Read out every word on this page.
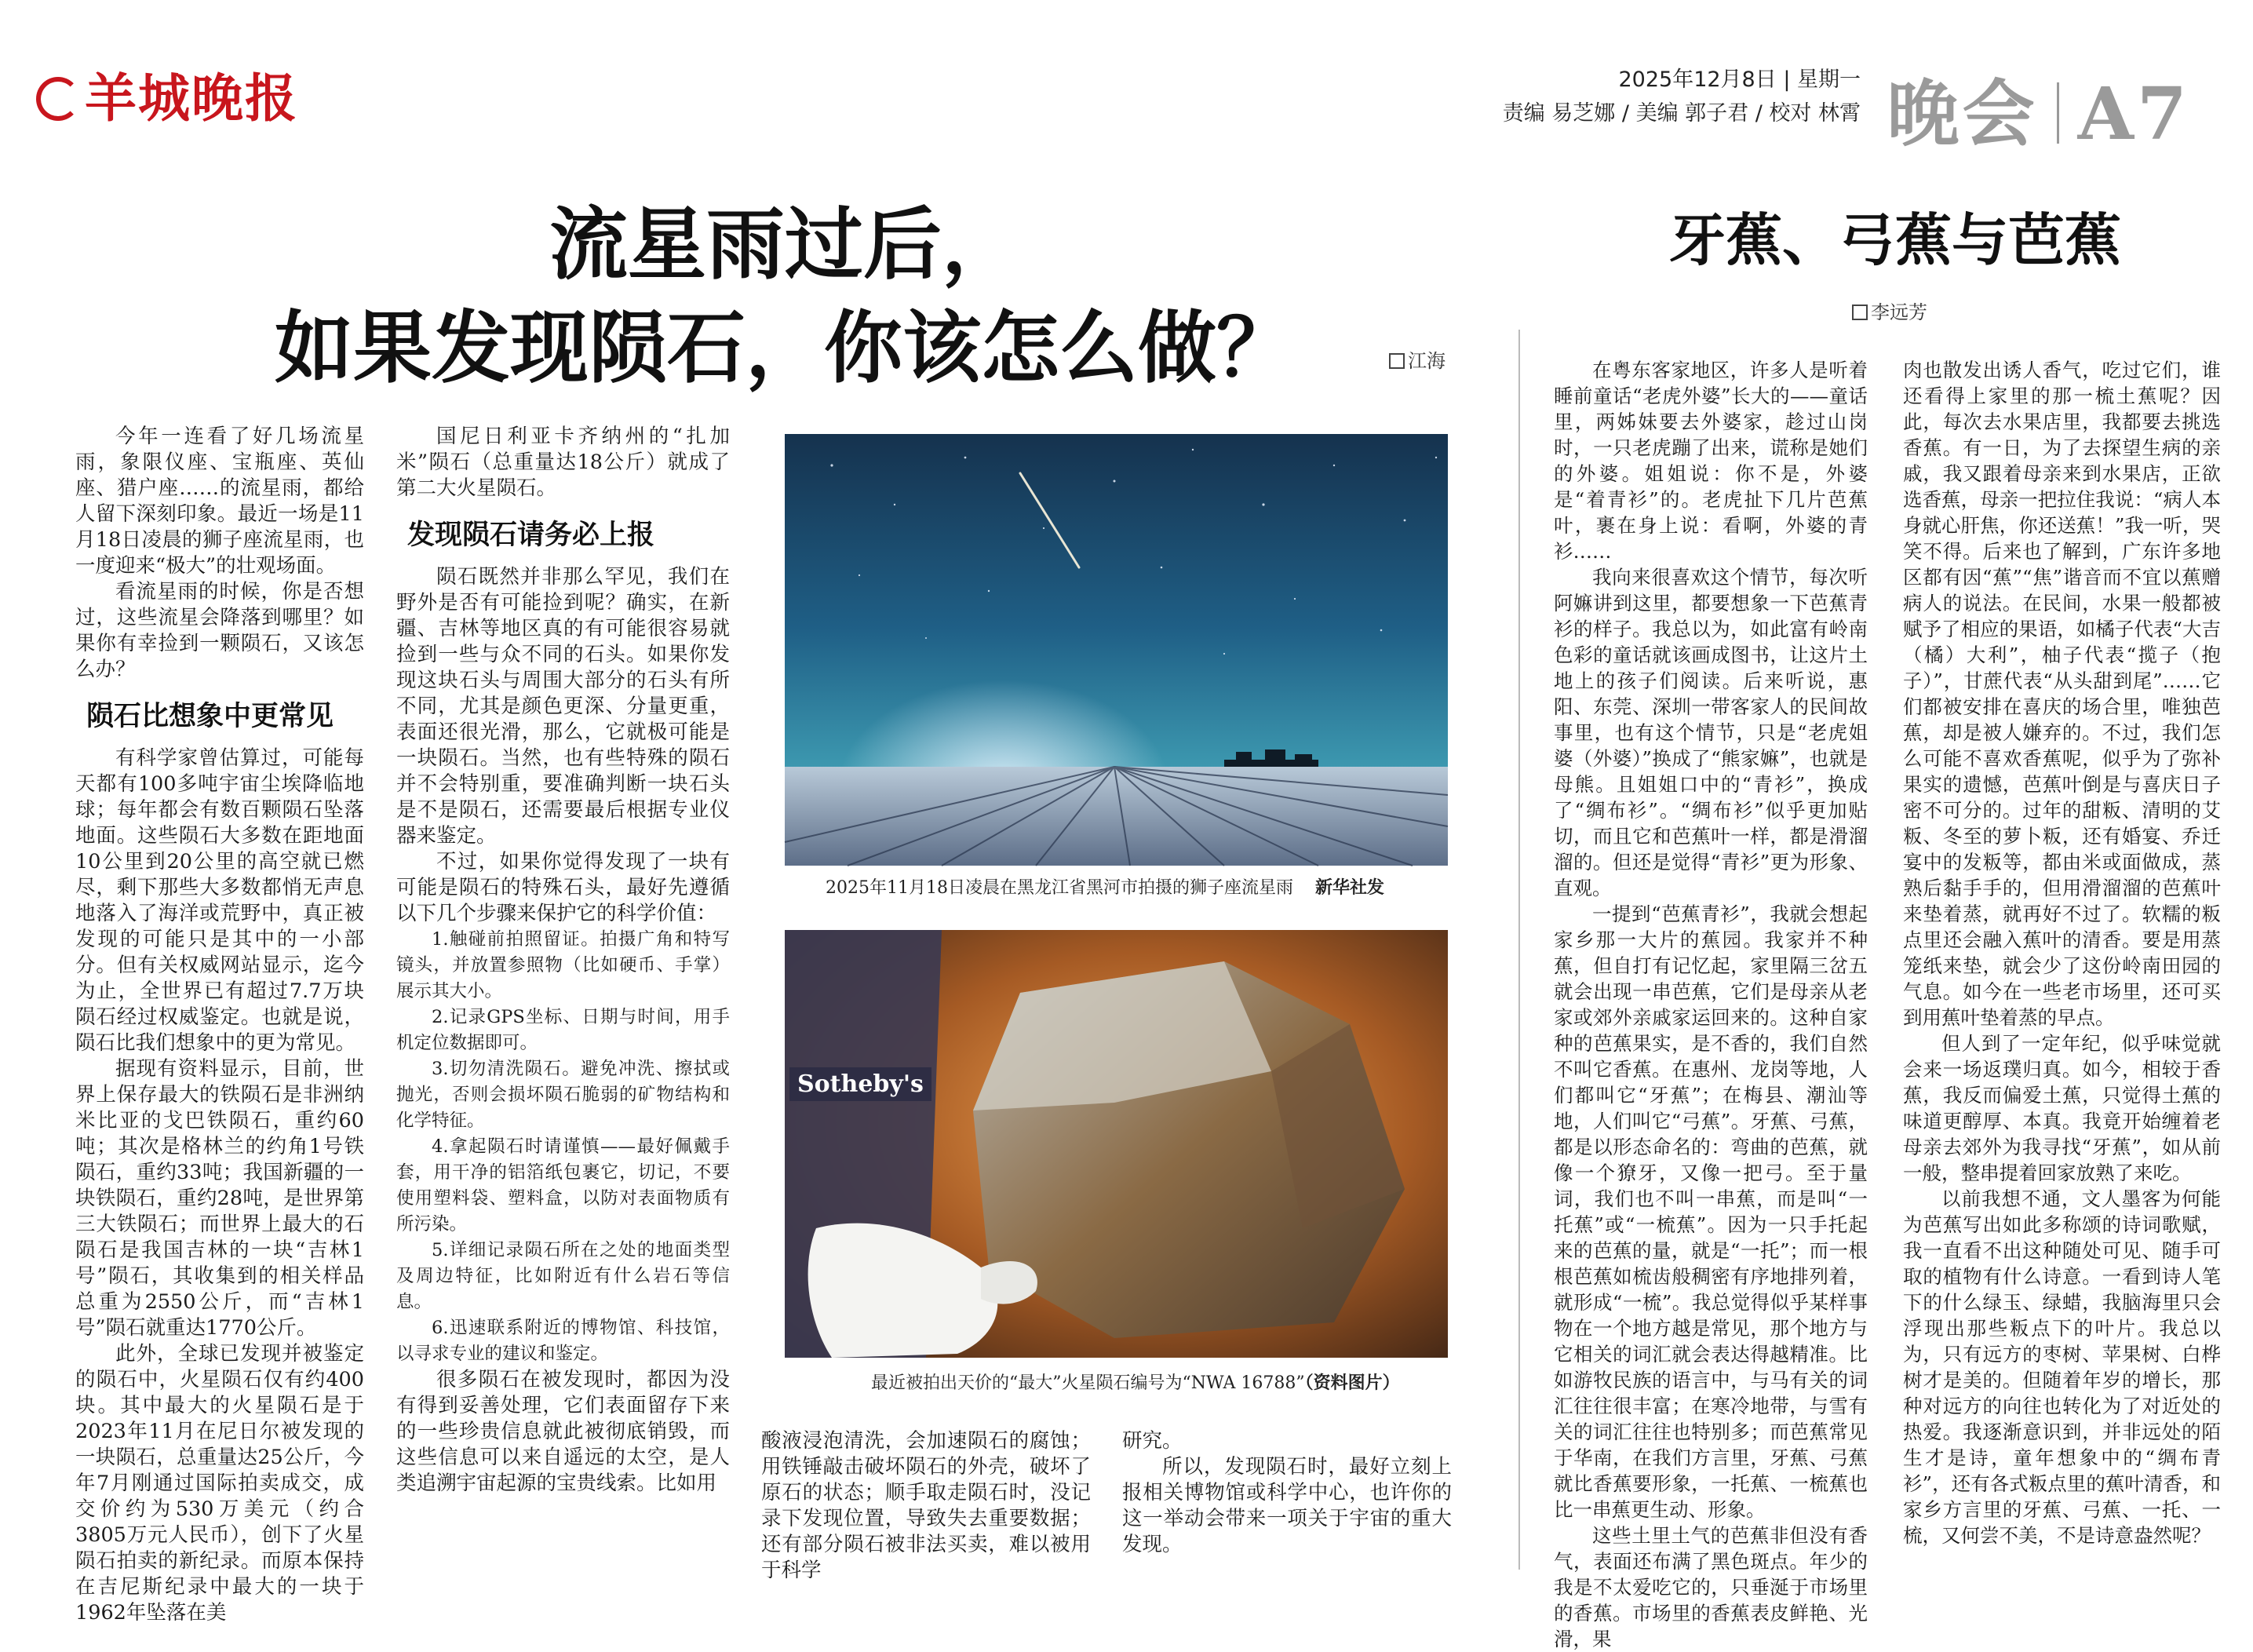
羊城晚报	2025年12月8日 | 星期一
责编 易芝娜 / 美编 郭子君 / 校对 林霄 晚会 A7
流星雨过后，
如果发现陨石，你该怎么做？	江海

今年一连看了好几场流星雨，象限仪座、宝瓶座、英仙座、猎户座……的流星雨，都给人留下深刻印象。最近一场是11月18日凌晨的狮子座流星雨，也一度迎来“极大”的壮观场面。

看流星雨的时候，你是否想过，这些流星会降落到哪里？如果你有幸捡到一颗陨石，又该怎么办？

陨石比想象中更常见

有科学家曾估算过，可能每天都有100多吨宇宙尘埃降临地球；每年都会有数百颗陨石坠落地面。这些陨石大多数在距地面10公里到20公里的高空就已燃尽，剩下那些大多数都悄无声息地落入了海洋或荒野中，真正被发现的可能只是其中的一小部分。但有关权威网站显示，迄今为止，全世界已有超过7.7万块陨石经过权威鉴定。也就是说，陨石比我们想象中的更为常见。

据现有资料显示，目前，世界上保存最大的铁陨石是非洲纳米比亚的戈巴铁陨石，重约60吨；其次是格林兰的约角1号铁陨石，重约33吨；我国新疆的一块铁陨石，重约28吨，是世界第三大铁陨石；而世界上最大的石陨石是我国吉林的一块“吉林1号”陨石，其收集到的相关样品总重为2550公斤，而“吉林1号”陨石就重达1770公斤。

此外，全球已发现并被鉴定的陨石中，火星陨石仅有约400块。其中最大的火星陨石是于2023年11月在尼日尔被发现的一块陨石，总重量达25公斤，今年7月刚通过国际拍卖成交，成交价约为530万美元（约合3805万元人民币），创下了火星陨石拍卖的新纪录。而原本保持在吉尼斯纪录中最大的一块于1962年坠落在美

国尼日利亚卡齐纳州的“扎加米”陨石（总重量达18公斤）就成了第二大火星陨石。

发现陨石请务必上报

陨石既然并非那么罕见，我们在野外是否有可能捡到呢？确实，在新疆、吉林等地区真的有可能很容易就捡到一些与众不同的石头。如果你发现这块石头与周围大部分的石头有所不同，尤其是颜色更深、分量更重，表面还很光滑，那么，它就极可能是一块陨石。当然，也有些特殊的陨石并不会特别重，要准确判断一块石头是不是陨石，还需要最后根据专业仪器来鉴定。

不过，如果你觉得发现了一块有可能是陨石的特殊石头，最好先遵循以下几个步骤来保护它的科学价值：

1.触碰前拍照留证。拍摄广角和特写镜头，并放置参照物（比如硬币、手掌）展示其大小。

2.记录GPS坐标、日期与时间，用手机定位数据即可。

3.切勿清洗陨石。避免冲洗、擦拭或抛光，否则会损坏陨石脆弱的矿物结构和化学特征。

4.拿起陨石时请谨慎——最好佩戴手套，用干净的铝箔纸包裹它，切记，不要使用塑料袋、塑料盒，以防对表面物质有所污染。

5.详细记录陨石所在之处的地面类型及周边特征，比如附近有什么岩石等信息。

6.迅速联系附近的博物馆、科技馆，以寻求专业的建议和鉴定。

很多陨石在被发现时，都因为没有得到妥善处理，它们表面留存下来的一些珍贵信息就此被彻底销毁，而这些信息可以来自遥远的太空，是人类追溯宇宙起源的宝贵线索。比如用

2025年11月18日凌晨在黑龙江省黑河市拍摄的狮子座流星雨 新华社发
Sotheby's
最近被拍出天价的“最大”火星陨石编号为“NWA 16788”（资料图片）

酸液浸泡清洗，会加速陨石的腐蚀；用铁锤敲击破坏陨石的外壳，破坏了原石的状态；顺手取走陨石时，没记录下发现位置，导致失去重要数据；还有部分陨石被非法买卖，难以被用于科学

研究。

所以，发现陨石时，最好立刻上报相关博物馆或科学中心，也许你的这一举动会带来一项关于宇宙的重大发现。

牙蕉、弓蕉与芭蕉
李远芳

在粤东客家地区，许多人是听着睡前童话“老虎外婆”长大的——童话里，两姊妹要去外婆家，趁过山岗时，一只老虎蹦了出来，谎称是她们的外婆。姐姐说：你不是，外婆是“着青衫”的。老虎扯下几片芭蕉叶，裹在身上说：看啊，外婆的青衫……

我向来很喜欢这个情节，每次听阿嫲讲到这里，都要想象一下芭蕉青衫的样子。我总以为，如此富有岭南色彩的童话就该画成图书，让这片土地上的孩子们阅读。后来听说，惠阳、东莞、深圳一带客家人的民间故事里，也有这个情节，只是“老虎姐婆（外婆）”换成了“熊家嫲”，也就是母熊。且姐姐口中的“青衫”，换成了“绸布衫”。“绸布衫”似乎更加贴切，而且它和芭蕉叶一样，都是滑溜溜的。但还是觉得“青衫”更为形象、直观。

一提到“芭蕉青衫”，我就会想起家乡那一大片的蕉园。我家并不种蕉，但自打有记忆起，家里隔三岔五就会出现一串芭蕉，它们是母亲从老家或郊外亲戚家运回来的。这种自家种的芭蕉果实，是不香的，我们自然不叫它香蕉。在惠州、龙岗等地，人们都叫它“牙蕉”；在梅县、潮汕等地，人们叫它“弓蕉”。牙蕉、弓蕉，都是以形态命名的：弯曲的芭蕉，就像一个獠牙，又像一把弓。至于量词，我们也不叫一串蕉，而是叫“一托蕉”或“一梳蕉”。因为一只手托起来的芭蕉的量，就是“一托”；而一根根芭蕉如梳齿般稠密有序地排列着，就形成“一梳”。我总觉得似乎某样事物在一个地方越是常见，那个地方与它相关的词汇就会表达得越精准。比如游牧民族的语言中，与马有关的词汇往往很丰富；在寒冷地带，与雪有关的词汇往往也特别多；而芭蕉常见于华南，在我们方言里，牙蕉、弓蕉就比香蕉要形象，一托蕉、一梳蕉也比一串蕉更生动、形象。

这些土里土气的芭蕉非但没有香气，表面还布满了黑色斑点。年少的我是不太爱吃它的，只垂涎于市场里的香蕉。市场里的香蕉表皮鲜艳、光滑，果

肉也散发出诱人香气，吃过它们，谁还看得上家里的那一梳土蕉呢？因此，每次去水果店里，我都要去挑选香蕉。有一日，为了去探望生病的亲戚，我又跟着母亲来到水果店，正欲选香蕉，母亲一把拉住我说：“病人本身就心肝焦，你还送蕉！”我一听，哭笑不得。后来也了解到，广东许多地区都有因“蕉”“焦”谐音而不宜以蕉赠病人的说法。在民间，水果一般都被赋予了相应的果语，如橘子代表“大吉（橘）大利”，柚子代表“揽子（抱子）”，甘蔗代表“从头甜到尾”……它们都被安排在喜庆的场合里，唯独芭蕉，却是被人嫌弃的。不过，我们怎么可能不喜欢香蕉呢，似乎为了弥补果实的遗憾，芭蕉叶倒是与喜庆日子密不可分的。过年的甜粄、清明的艾粄、冬至的萝卜粄，还有婚宴、乔迁宴中的发粄等，都由米或面做成，蒸熟后黏手手的，但用滑溜溜的芭蕉叶来垫着蒸，就再好不过了。软糯的粄点里还会融入蕉叶的清香。要是用蒸笼纸来垫，就会少了这份岭南田园的气息。如今在一些老市场里，还可买到用蕉叶垫着蒸的早点。

但人到了一定年纪，似乎味觉就会来一场返璞归真。如今，相较于香蕉，我反而偏爱土蕉，只觉得土蕉的味道更醇厚、本真。我竟开始缠着老母亲去郊外为我寻找“牙蕉”，如从前一般，整串提着回家放熟了来吃。

以前我想不通，文人墨客为何能为芭蕉写出如此多称颂的诗词歌赋，我一直看不出这种随处可见、随手可取的植物有什么诗意。一看到诗人笔下的什么绿玉、绿蜡，我脑海里只会浮现出那些粄点下的叶片。我总以为，只有远方的枣树、苹果树、白桦树才是美的。但随着年岁的增长，那种对远方的向往也转化为了对近处的热爱。我逐渐意识到，并非远处的陌生才是诗，童年想象中的“绸布青衫”，还有各式粄点里的蕉叶清香，和家乡方言里的牙蕉、弓蕉、一托、一梳，又何尝不美，不是诗意盎然呢？
